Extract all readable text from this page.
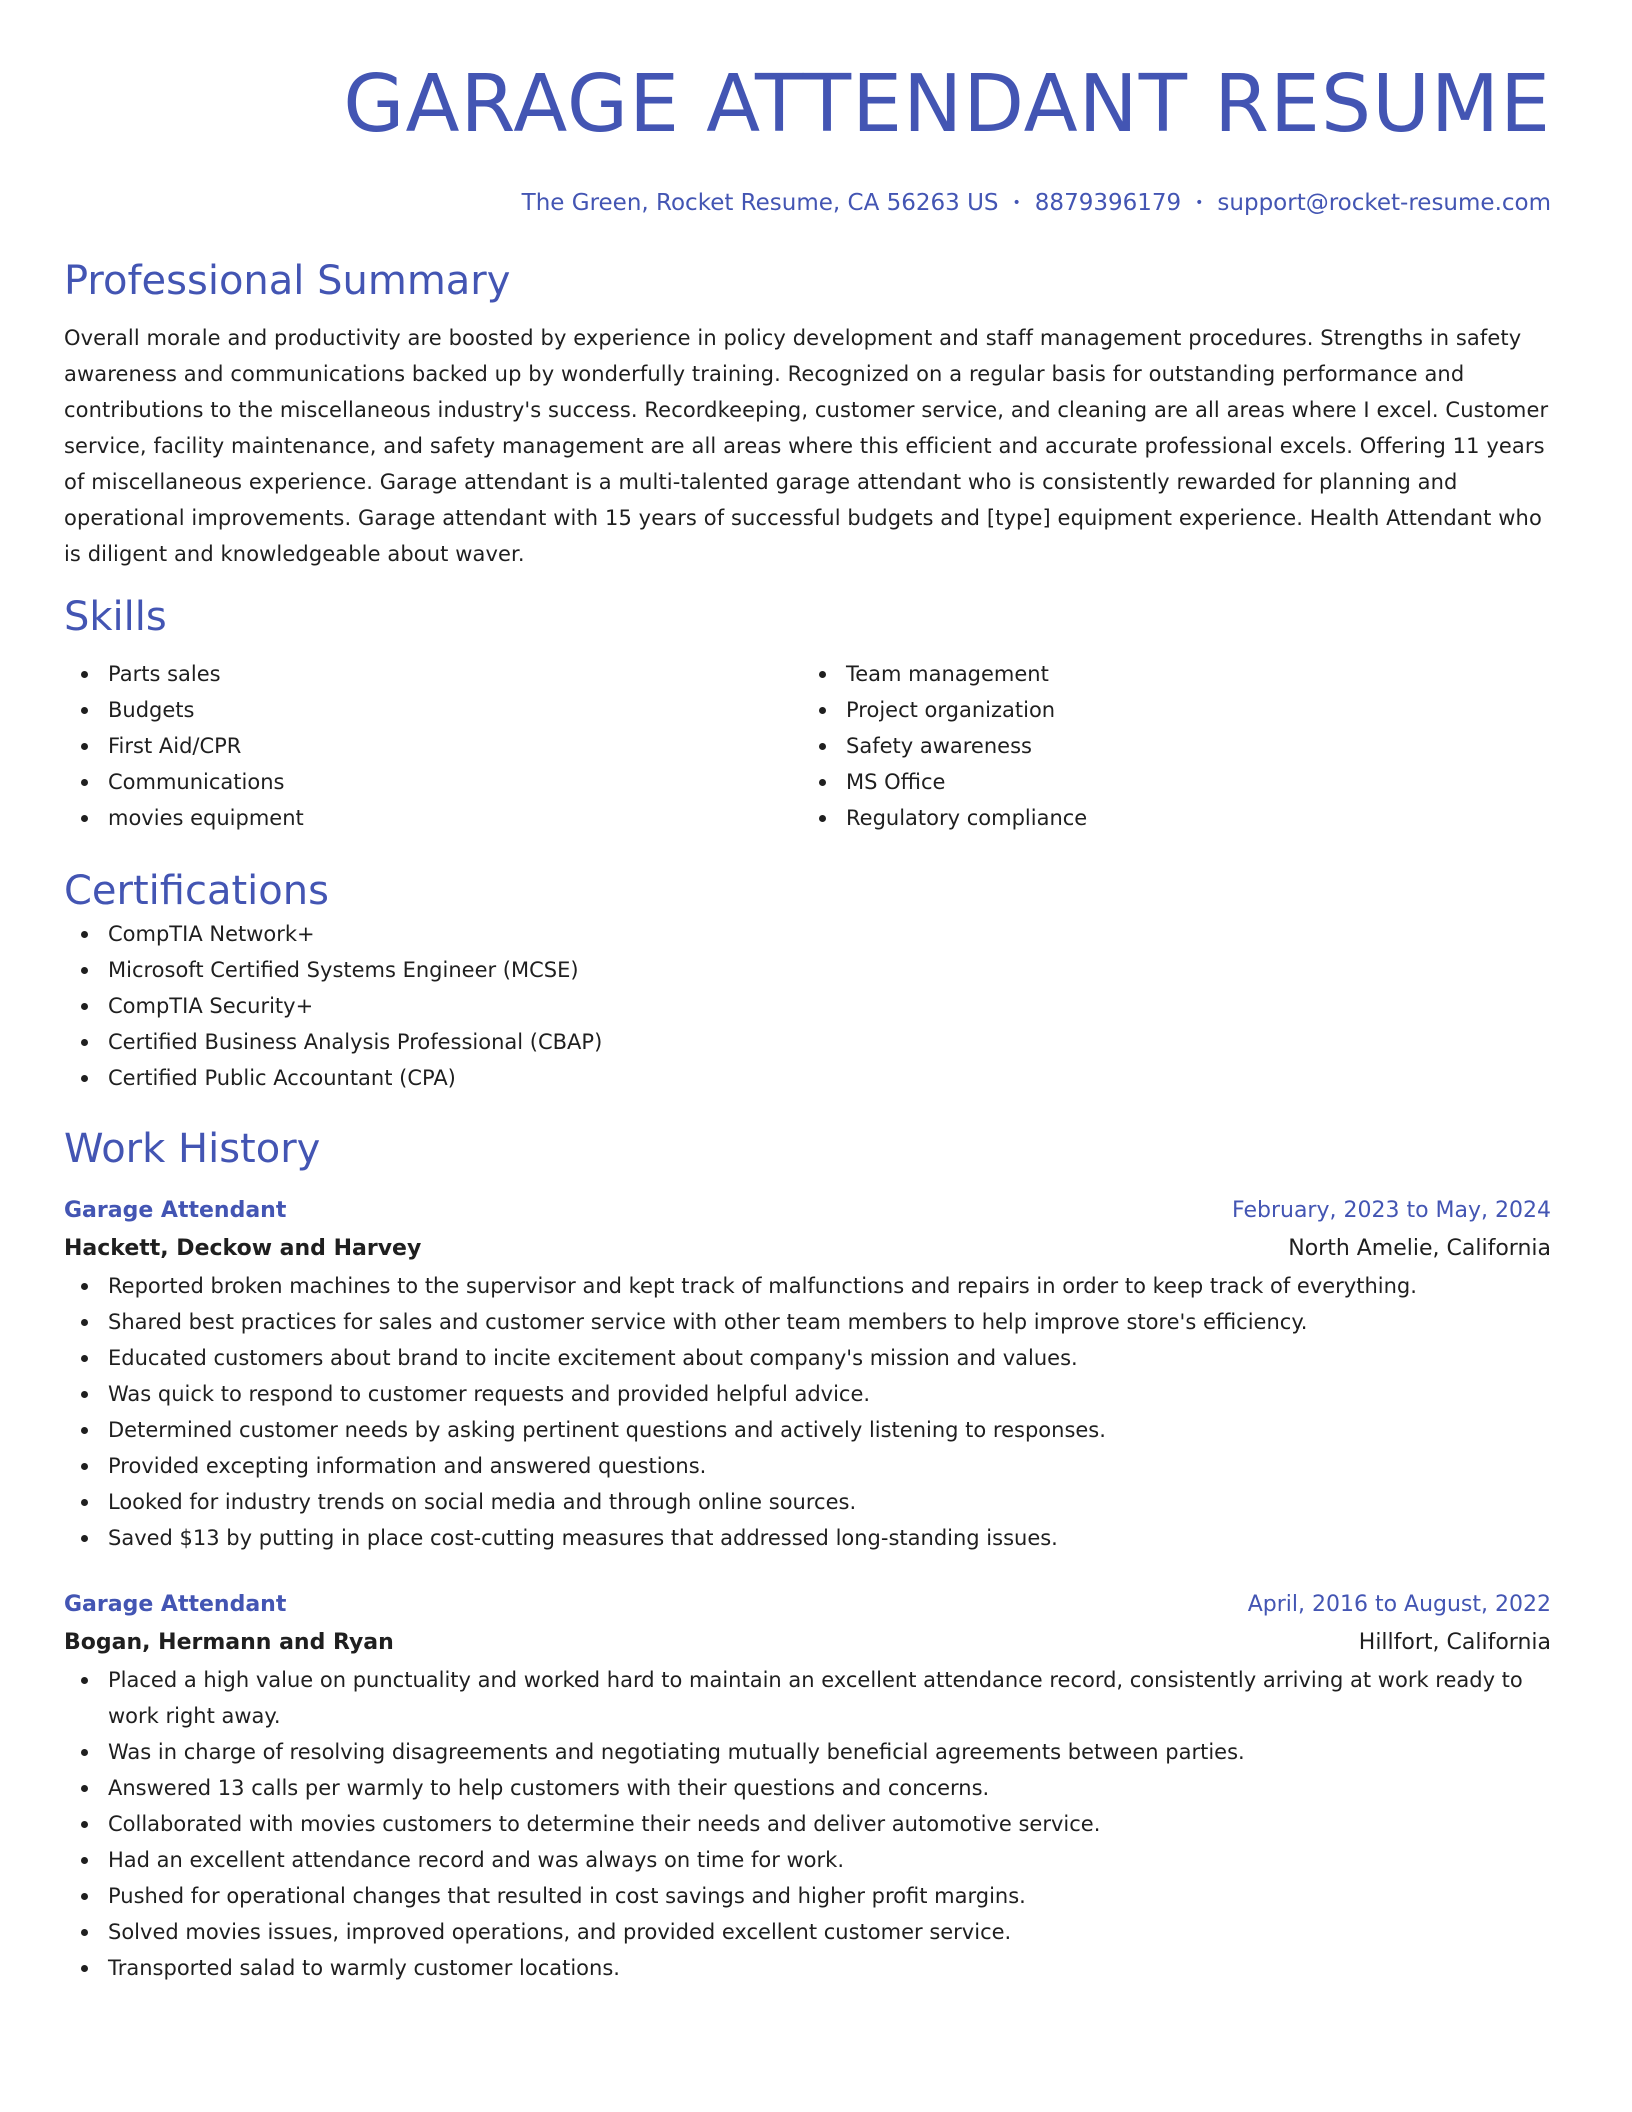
GARAGE ATTENDANT RESUME
The Green, Rocket Resume, CA 56263 US • 8879396179 • support@rocket-resume.com
Professional Summary
Overall morale and productivity are boosted by experience in policy development and staff management procedures. Strengths in safety awareness and communications backed up by wonderfully training. Recognized on a regular basis for outstanding performance and contributions to the miscellaneous industry's success. Recordkeeping, customer service, and cleaning are all areas where I excel. Customer service, facility maintenance, and safety management are all areas where this efficient and accurate professional excels. Offering 11 years of miscellaneous experience. Garage attendant is a multi-talented garage attendant who is consistently rewarded for planning and operational improvements. Garage attendant with 15 years of successful budgets and [type] equipment experience. Health Attendant who is diligent and knowledgeable about waver.
Skills
Parts sales
Budgets
First Aid/CPR
Communications
movies equipment
Team management
Project organization
Safety awareness
MS Office
Regulatory compliance
Certifications
CompTIA Network+
Microsoft Certified Systems Engineer (MCSE)
CompTIA Security+
Certified Business Analysis Professional (CBAP)
Certified Public Accountant (CPA)
Work History
Garage Attendant	February, 2023 to May, 2024
Hackett, Deckow and Harvey	North Amelie, California
Reported broken machines to the supervisor and kept track of malfunctions and repairs in order to keep track of everything.
Shared best practices for sales and customer service with other team members to help improve store's efficiency.
Educated customers about brand to incite excitement about company's mission and values.
Was quick to respond to customer requests and provided helpful advice.
Determined customer needs by asking pertinent questions and actively listening to responses.
Provided excepting information and answered questions.
Looked for industry trends on social media and through online sources.
Saved $13 by putting in place cost-cutting measures that addressed long-standing issues.
Garage Attendant	April, 2016 to August, 2022
Bogan, Hermann and Ryan	Hillfort, California
Placed a high value on punctuality and worked hard to maintain an excellent attendance record, consistently arriving at work ready to work right away.
Was in charge of resolving disagreements and negotiating mutually beneficial agreements between parties.
Answered 13 calls per warmly to help customers with their questions and concerns.
Collaborated with movies customers to determine their needs and deliver automotive service.
Had an excellent attendance record and was always on time for work.
Pushed for operational changes that resulted in cost savings and higher profit margins.
Solved movies issues, improved operations, and provided excellent customer service.
Transported salad to warmly customer locations.
